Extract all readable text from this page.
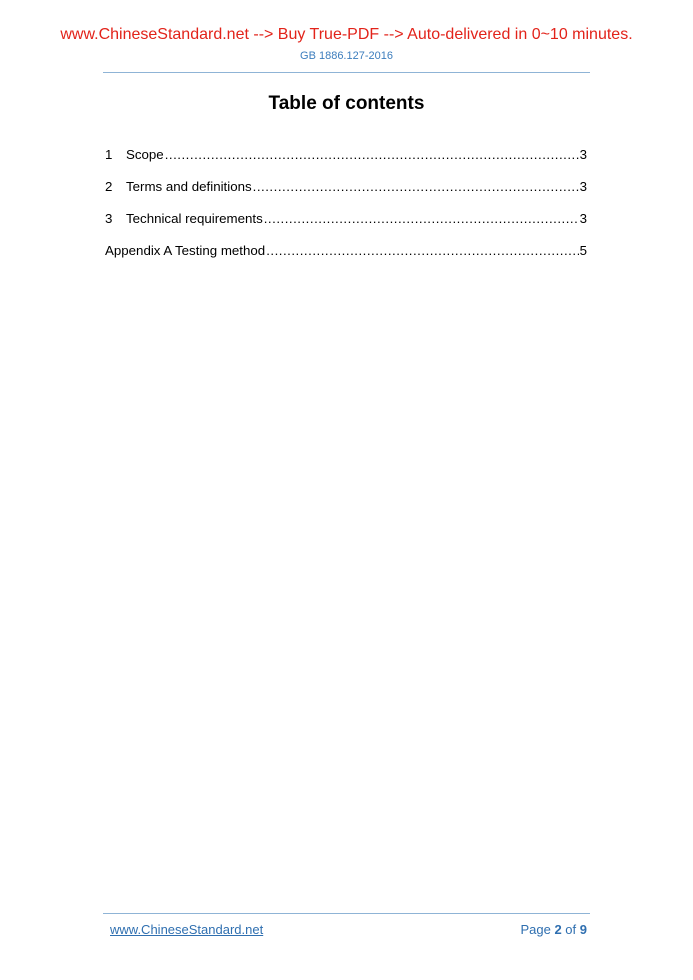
www.ChineseStandard.net --> Buy True-PDF --> Auto-delivered in 0~10 minutes.
GB 1886.127-2016
Table of contents
1	Scope .....	3
2	Terms and definitions .....	3
3	Technical requirements .....	3
Appendix A Testing method .....	5
www.ChineseStandard.net	Page 2 of 9
